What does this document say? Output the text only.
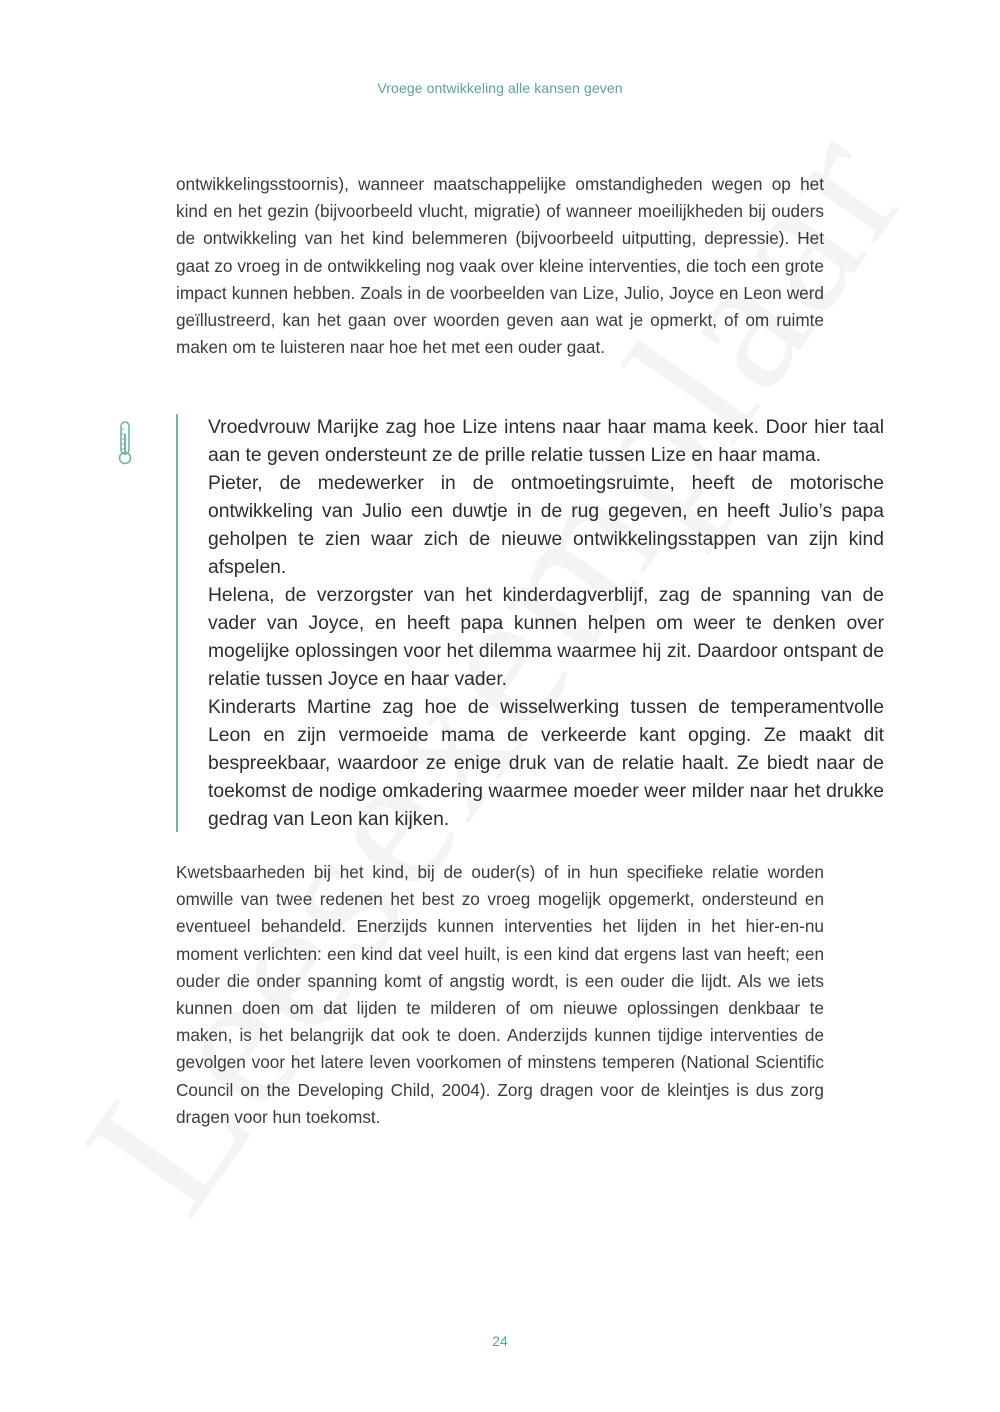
Vroege ontwikkeling alle kansen geven

ontwikkelingsstoornis), wanneer maatschappelijke omstandigheden wegen op het kind en het gezin (bijvoorbeeld vlucht, migratie) of wanneer moeilijkheden bij ouders de ontwikkeling van het kind belemmeren (bijvoorbeeld uitputting, depressie). Het gaat zo vroeg in de ontwikkeling nog vaak over kleine interventies, die toch een grote impact kunnen hebben. Zoals in de voorbeelden van Lize, Julio, Joyce en Leon werd geïllustreerd, kan het gaan over woorden geven aan wat je opmerkt, of om ruimte maken om te luisteren naar hoe het met een ouder gaat.

Vroedvrouw Marijke zag hoe Lize intens naar haar mama keek. Door hier taal aan te geven ondersteunt ze de prille relatie tussen Lize en haar mama.
Pieter, de medewerker in de ontmoetingsruimte, heeft de motorische ontwikkeling van Julio een duwtje in de rug gegeven, en heeft Julio’s papa geholpen te zien waar zich de nieuwe ontwikkelingsstappen van zijn kind afspelen.
Helena, de verzorgster van het kinderdagverblijf, zag de spanning van de vader van Joyce, en heeft papa kunnen helpen om weer te denken over mogelijke oplossingen voor het dilemma waarmee hij zit. Daardoor ontspant de relatie tussen Joyce en haar vader.
Kinderarts Martine zag hoe de wisselwerking tussen de temperamentvolle Leon en zijn vermoeide mama de verkeerde kant opging. Ze maakt dit bespreekbaar, waardoor ze enige druk van de relatie haalt. Ze biedt naar de toekomst de nodige omkadering waarmee moeder weer milder naar het drukke gedrag van Leon kan kijken.

Kwetsbaarheden bij het kind, bij de ouder(s) of in hun specifieke relatie worden omwille van twee redenen het best zo vroeg mogelijk opgemerkt, ondersteund en eventueel behandeld. Enerzijds kunnen interventies het lijden in het hier-en-nu moment verlichten: een kind dat veel huilt, is een kind dat ergens last van heeft; een ouder die onder spanning komt of angstig wordt, is een ouder die lijdt. Als we iets kunnen doen om dat lijden te milderen of om nieuwe oplossingen denkbaar te maken, is het belangrijk dat ook te doen. Anderzijds kunnen tijdige interventies de gevolgen voor het latere leven voorkomen of minstens temperen (National Scientific Council on the Developing Child, 2004). Zorg dragen voor de kleintjes is dus zorg dragen voor hun toekomst.

24
